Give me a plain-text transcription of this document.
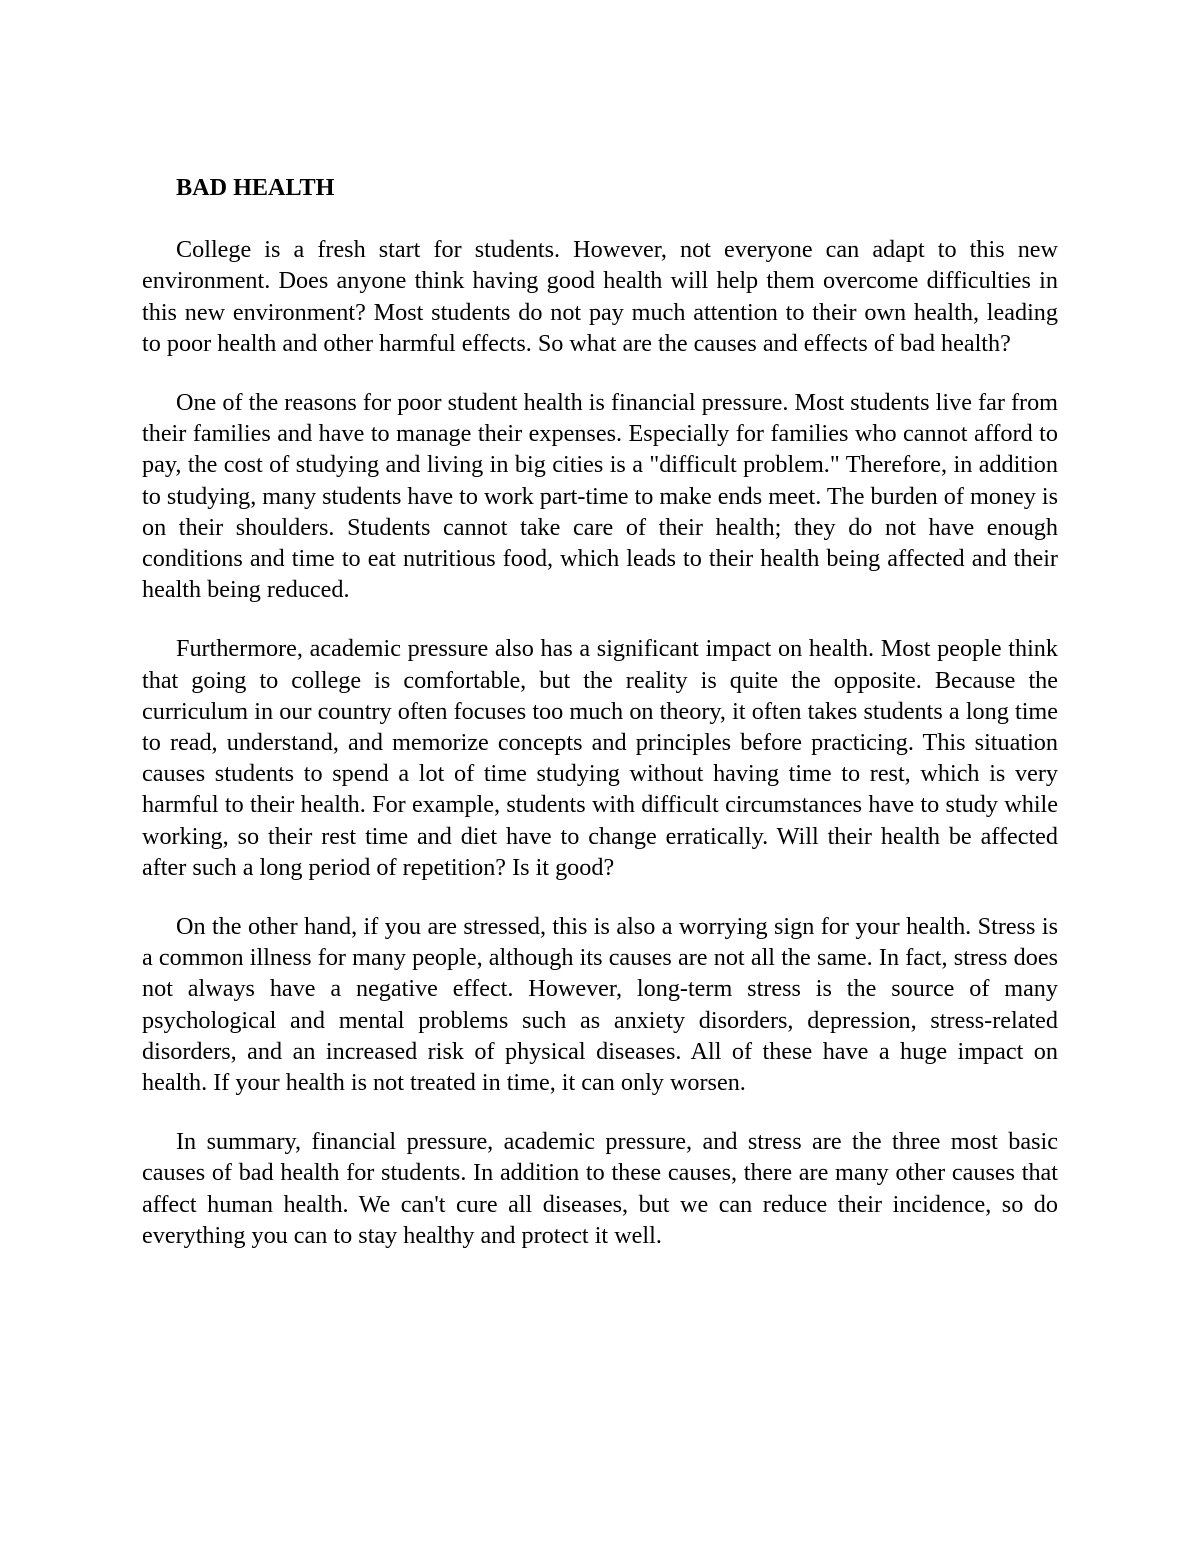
BAD HEALTH

College is a fresh start for students. However, not everyone can adapt to this new environment. Does anyone think having good health will help them overcome difficulties in this new environment? Most students do not pay much attention to their own health, leading to poor health and other harmful effects. So what are the causes and effects of bad health?

One of the reasons for poor student health is financial pressure. Most students live far from their families and have to manage their expenses. Especially for families who cannot afford to pay, the cost of studying and living in big cities is a "difficult problem." Therefore, in addition to studying, many students have to work part-time to make ends meet. The burden of money is on their shoulders. Students cannot take care of their health; they do not have enough conditions and time to eat nutritious food, which leads to their health being affected and their health being reduced.

Furthermore, academic pressure also has a significant impact on health. Most people think that going to college is comfortable, but the reality is quite the opposite. Because the curriculum in our country often focuses too much on theory, it often takes students a long time to read, understand, and memorize concepts and principles before practicing. This situation causes students to spend a lot of time studying without having time to rest, which is very harmful to their health. For example, students with difficult circumstances have to study while working, so their rest time and diet have to change erratically. Will their health be affected after such a long period of repetition? Is it good?

On the other hand, if you are stressed, this is also a worrying sign for your health. Stress is a common illness for many people, although its causes are not all the same. In fact, stress does not always have a negative effect. However, long-term stress is the source of many psychological and mental problems such as anxiety disorders, depression, stress-related disorders, and an increased risk of physical diseases. All of these have a huge impact on health. If your health is not treated in time, it can only worsen.

In summary, financial pressure, academic pressure, and stress are the three most basic causes of bad health for students. In addition to these causes, there are many other causes that affect human health. We can't cure all diseases, but we can reduce their incidence, so do everything you can to stay healthy and protect it well.
